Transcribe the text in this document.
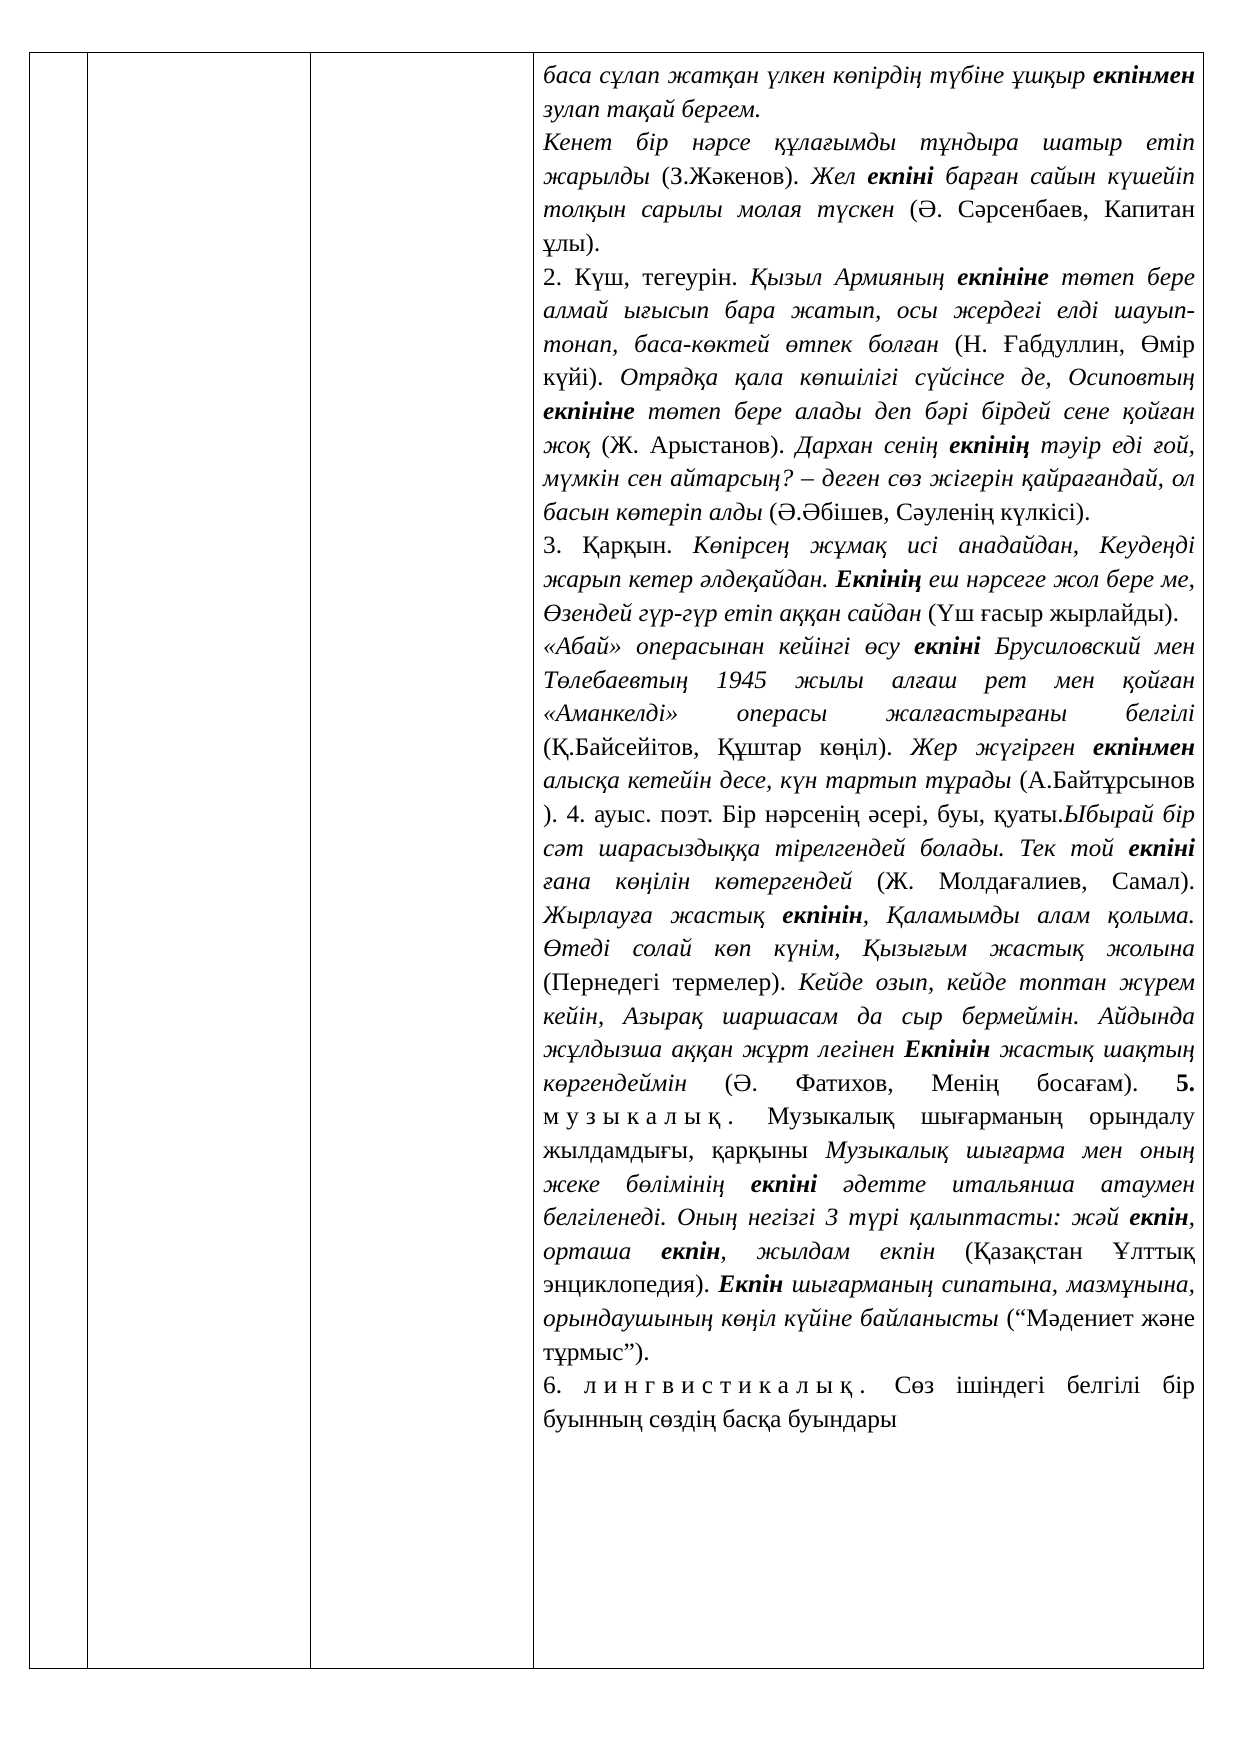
баса сұлап жатқан үлкен көпірдің түбіне ұшқыр екпінмен зулап тақай бергем.

Кенет бір нәрсе құлағымды тұндыра шатыр етіп жарылды (З.Жәкенов). Жел екпіні барған сайын күшейіп толқын сарылы молая түскен (Ә. Сәрсенбаев, Капитан ұлы).

2. Күш, тегеурін. Қызыл Армияның екпініне төтеп бере алмай ығысып бара жатып, осы жердегі елді шауып-тонап, баса-көктей өтпек болған (Н. Ғабдуллин, Өмір күйі). Отрядқа қала көпшілігі сүйсінсе де, Осиповтың екпініне төтеп бере алады деп бәрі бірдей сене қойған жоқ (Ж. Арыстанов). Дархан сенің екпінің тәуір еді ғой, мүмкін сен айтарсың? – деген сөз жігерін қайрағандай, ол басын көтеріп алды (Ә.Әбішев, Сәуленің күлкісі).

3. Қарқын. Көпірсең жұмақ исі анадайдан, Кеудеңді жарып кетер әлдеқайдан. Екпінің еш нәрсеге жол бере ме, Өзендей гүр-гүр етіп аққан сайдан (Үш ғасыр жырлайды).

«Абай» операсынан кейінгі өсу екпіні Брусиловский мен Төлебаевтың 1945 жылы алғаш рет мен қойған «Аманкелді» операсы жалғастырғаны белгілі (Қ.Байсейітов, Құштар көңіл). Жер жүгірген екпінмен алысқа кетейін десе, күн тартып тұрады (А.Байтұрсынов ). 4. ауыс. поэт. Бір нәрсенің әсері, буы, қуаты.Ыбырай бір сәт шарасыздыққа тірелгендей болады. Тек той екпіні ғана көңілін көтергендей (Ж. Молдағалиев, Самал). Жырлауға жастық екпінін, Қаламымды алам қолыма. Өтеді солай көп күнім, Қызығым жастық жолына (Пернедегі термелер). Кейде озып, кейде топтан жүрем кейін, Азырақ шаршасам да сыр бермеймін. Айдында жұлдызша аққан жұрт легінен Екпінін жастық шақтың көргендеймін (Ә. Фатихов, Менің босағам). 5. музыкалық. Музыкалық шығарманың орындалу жылдамдығы, қарқыны Музыкалық шығарма мен оның жеке бөлімінің екпіні әдетте итальянша атаумен белгіленеді. Оның негізгі 3 түрі қалыптасты: жәй екпін, орташа екпін, жылдам екпін (Қазақстан Ұлттық энциклопедия). Екпін шығарманың сипатына, мазмұнына, орындаушының көңіл күйіне байланысты (“Мәдениет және тұрмыс”).

6. лингвистикалық. Сөз ішіндегі белгілі бір буынның сөздің басқа буындары
